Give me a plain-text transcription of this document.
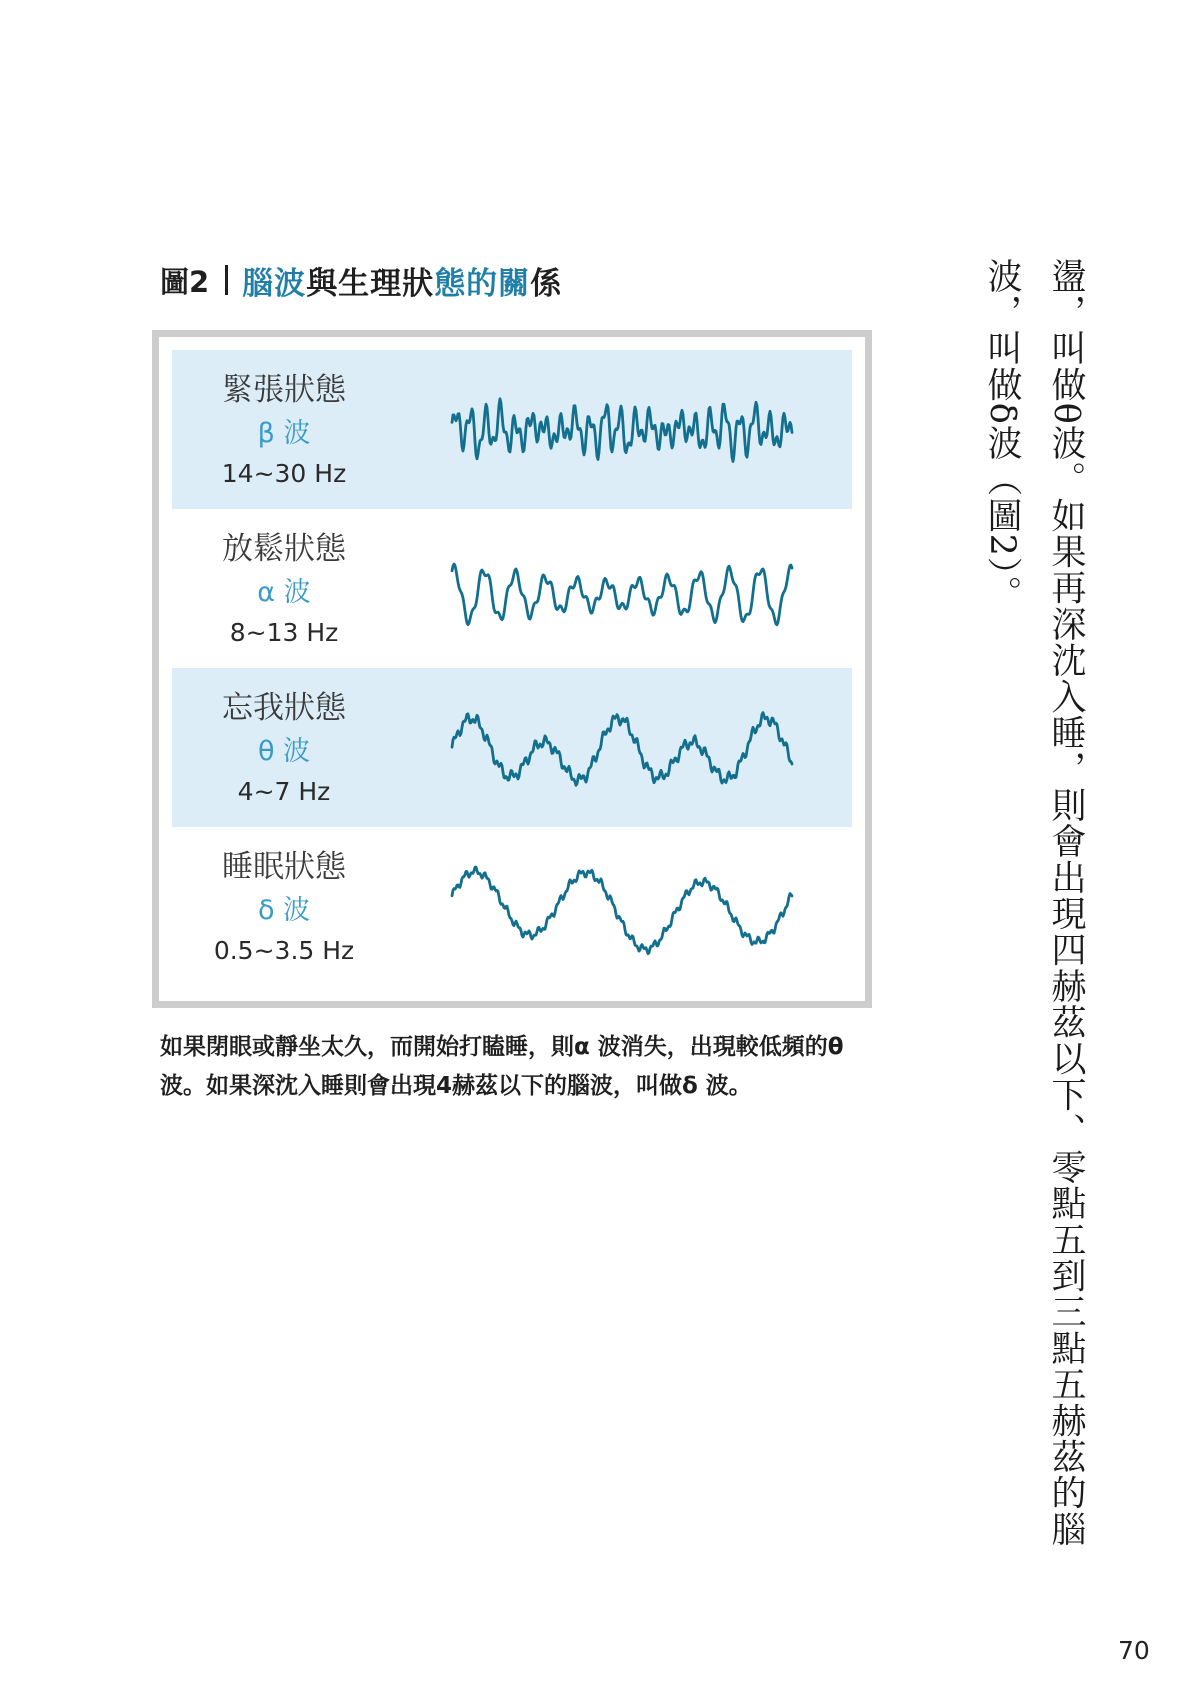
圖2 腦波與生理狀態的關係
緊張狀態
β 波
14~30 Hz
放鬆狀態
α 波
8~13 Hz
忘我狀態
θ 波
4~7 Hz
睡眠狀態
δ 波
0.5~3.5 Hz

如果閉眼或靜坐太久，而開始打瞌睡，則α 波消失，出現較低頻的θ

波。如果深沈入睡則會出現4赫茲以下的腦波，叫做δ 波。	盪，叫做θ波。如果再深沈入睡，則會出現四赫茲以下、零點五到三點五赫茲的腦
波，叫做δ波（圖2）。
70
